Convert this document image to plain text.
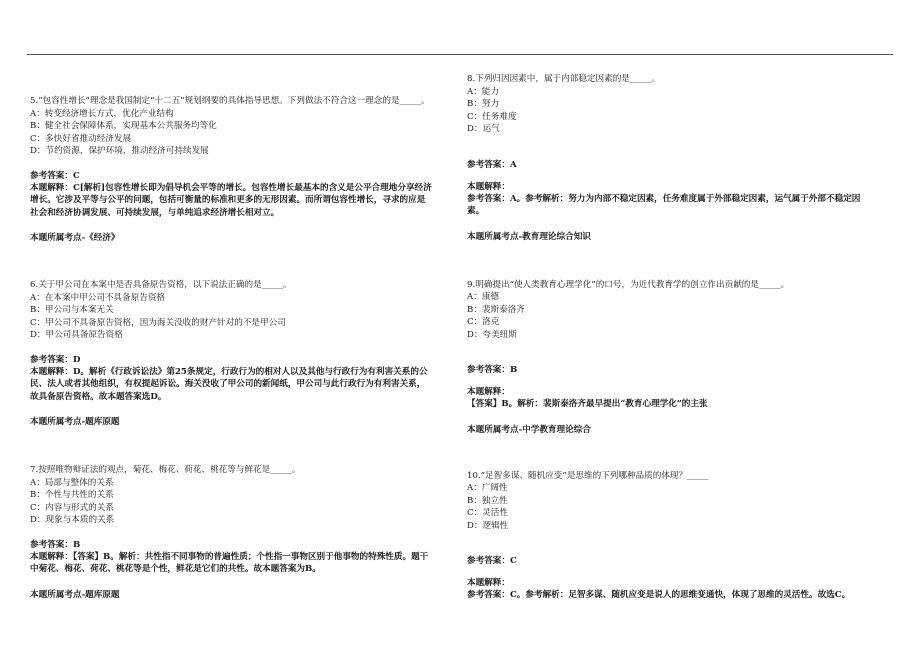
5.“包容性增长”理念是我国制定“十二五”规划纲要的具体指导思想。下列做法不符合这一理念的是_____。
A：转变经济增长方式，优化产业结构
B：健全社会保障体系，实现基本公共服务均等化
C：多快好省推动经济发展
D：节约资源，保护环境，推动经济可持续发展
参考答案：C
本题解释：C[解析]包容性增长即为倡导机会平等的增长。包容性增长最基本的含义是公平合理地分享经济
增长。它涉及平等与公平的问题，包括可衡量的标准和更多的无形因素。而所谓包容性增长，寻求的应是
社会和经济协调发展、可持续发展，与单纯追求经济增长相对立。
本题所属考点-《经济》
6.关于甲公司在本案中是否具备原告资格，以下说法正确的是_____。
A：在本案中甲公司不具备原告资格
B：甲公司与本案无关
C：甲公司不具备原告资格，因为海关没收的财产针对的不是甲公司
D：甲公司具备原告资格
参考答案：D
本题解释：D。解析《行政诉讼法》第25条规定，行政行为的相对人以及其他与行政行为有利害关系的公
民、法人或者其他组织，有权提起诉讼。海关没收了甲公司的新闻纸，甲公司与此行政行为有利害关系，
故具备原告资格。故本题答案选D。
本题所属考点-题库原题
7.按照唯物辩证法的观点，菊花、梅花、荷花、桃花等与鲜花是_____。
A：局部与整体的关系
B：个性与共性的关系
C：内容与形式的关系
D：现象与本质的关系
参考答案：B
本题解释：【答案】B。解析：共性指不同事物的普遍性质；个性指一事物区别于他事物的特殊性质。题干
中菊花、梅花、荷花、桃花等是个性，鲜花是它们的共性。故本题答案为B。
本题所属考点-题库原题
8.下列归因因素中，属于内部稳定因素的是_____。
A：能力
B：努力
C：任务难度
D：运气
参考答案：A
本题解释：
参考答案：A。参考解析：努力为内部不稳定因素，任务难度属于外部稳定因素，运气属于外部不稳定因
素。
本题所属考点-教育理论综合知识
9.明确提出“使人类教育心理学化”的口号，为近代教育学的创立作出贡献的是_____。
A：康德
B：裴斯泰洛齐
C：洛克
D：夸美纽斯
参考答案：B
本题解释：
【答案】B。解析：裴斯泰洛齐最早提出“教育心理学化”的主张
本题所属考点-中学教育理论综合
10.“足智多谋、随机应变”是思维的下列哪种品质的体现？_____
A：广阔性
B：独立性
C：灵活性
D：逻辑性
参考答案：C
本题解释：
参考答案：C。参考解析：足智多谋、随机应变是说人的思维变通快，体现了思维的灵活性。故选C。
